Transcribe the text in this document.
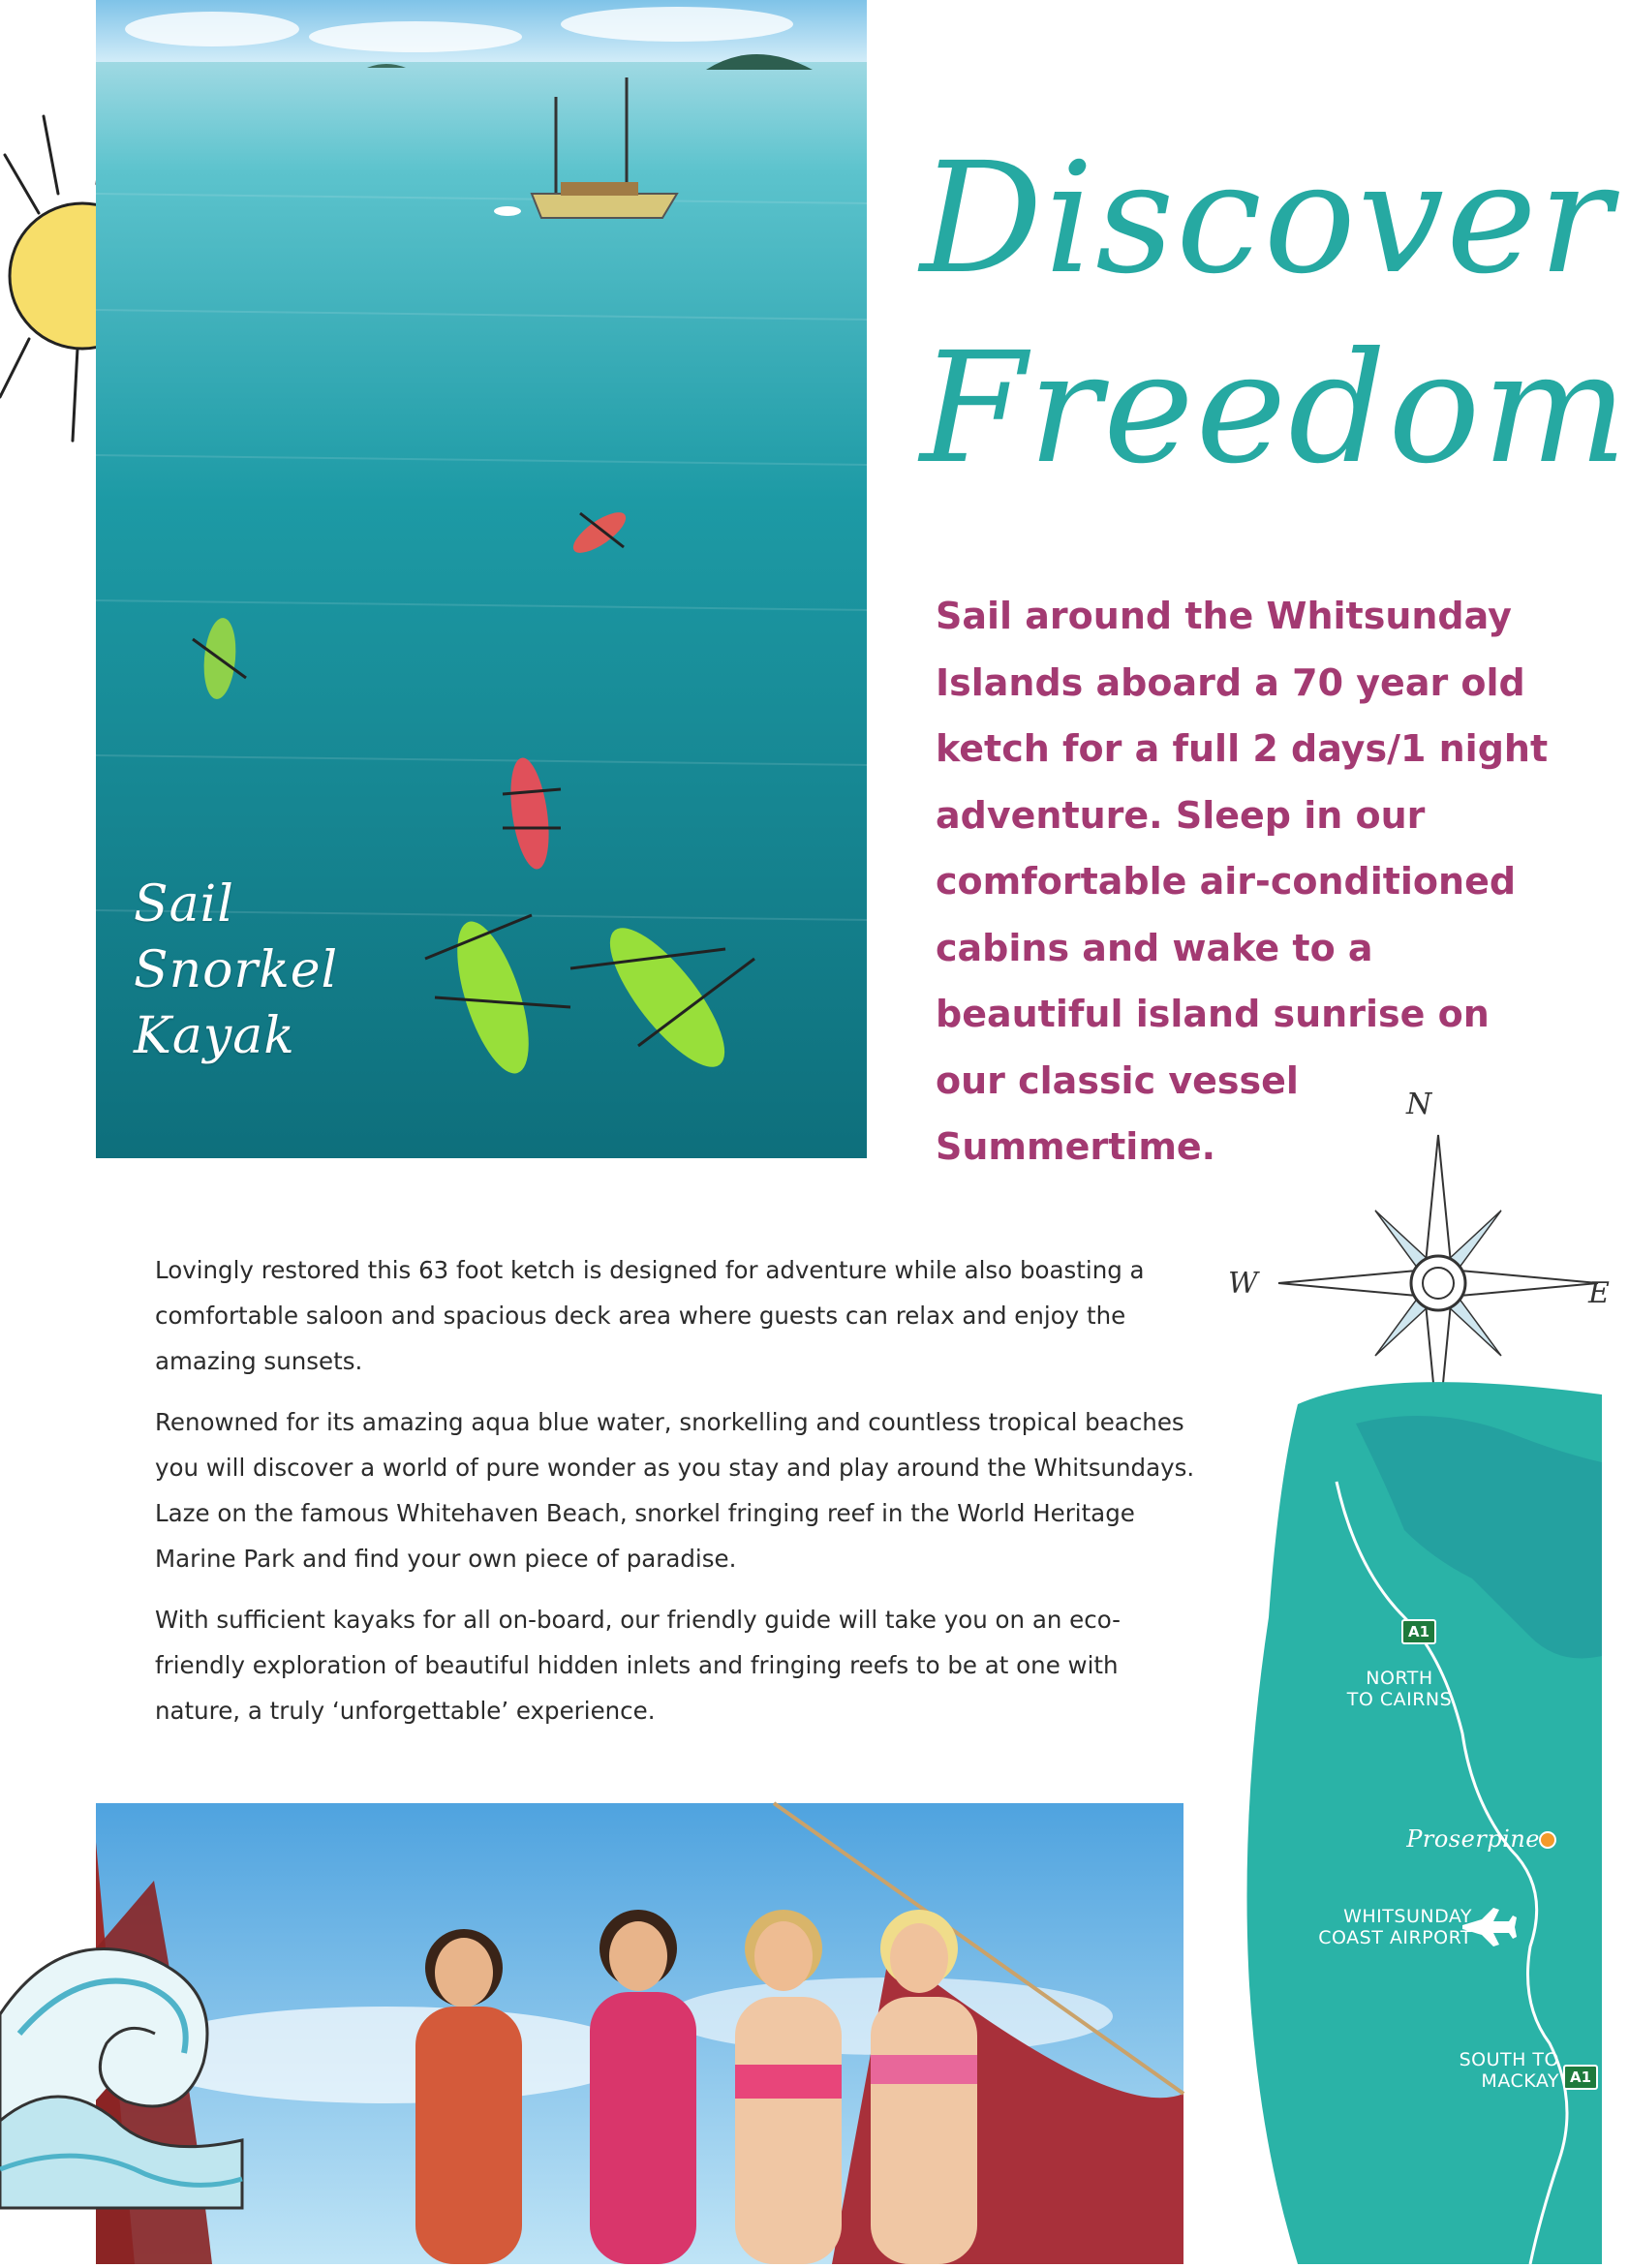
Sail
Snorkel
Kayak
Discover
Freedom
Sail around the Whitsunday Islands aboard a 70 year old ketch for a full 2 days/1 night adventure. Sleep in our comfortable air-conditioned cabins and wake to a beautiful island sunrise on our classic vessel Summertime.

Lovingly restored this 63 foot ketch is designed for adventure while also boasting a comfortable saloon and spacious deck area where guests can relax and enjoy the amazing sunsets.

Renowned for its amazing aqua blue water, snorkelling and countless tropical beaches you will discover a world of pure wonder as you stay and play around the Whitsundays. Laze on the famous Whitehaven Beach, snorkel fringing reef in the World Heritage Marine Park and find your own piece of paradise.

With sufficient kayaks for all on-board, our friendly guide will take you on an eco-friendly exploration of beautiful hidden inlets and fringing reefs to be at one with nature, a truly ‘unforgettable’ experience.

N
W	E
A1
NORTH
TO CAIRNS
Proserpine
WHITSUNDAY
COAST AIRPORT
SOUTH TO
MACKAY A1
